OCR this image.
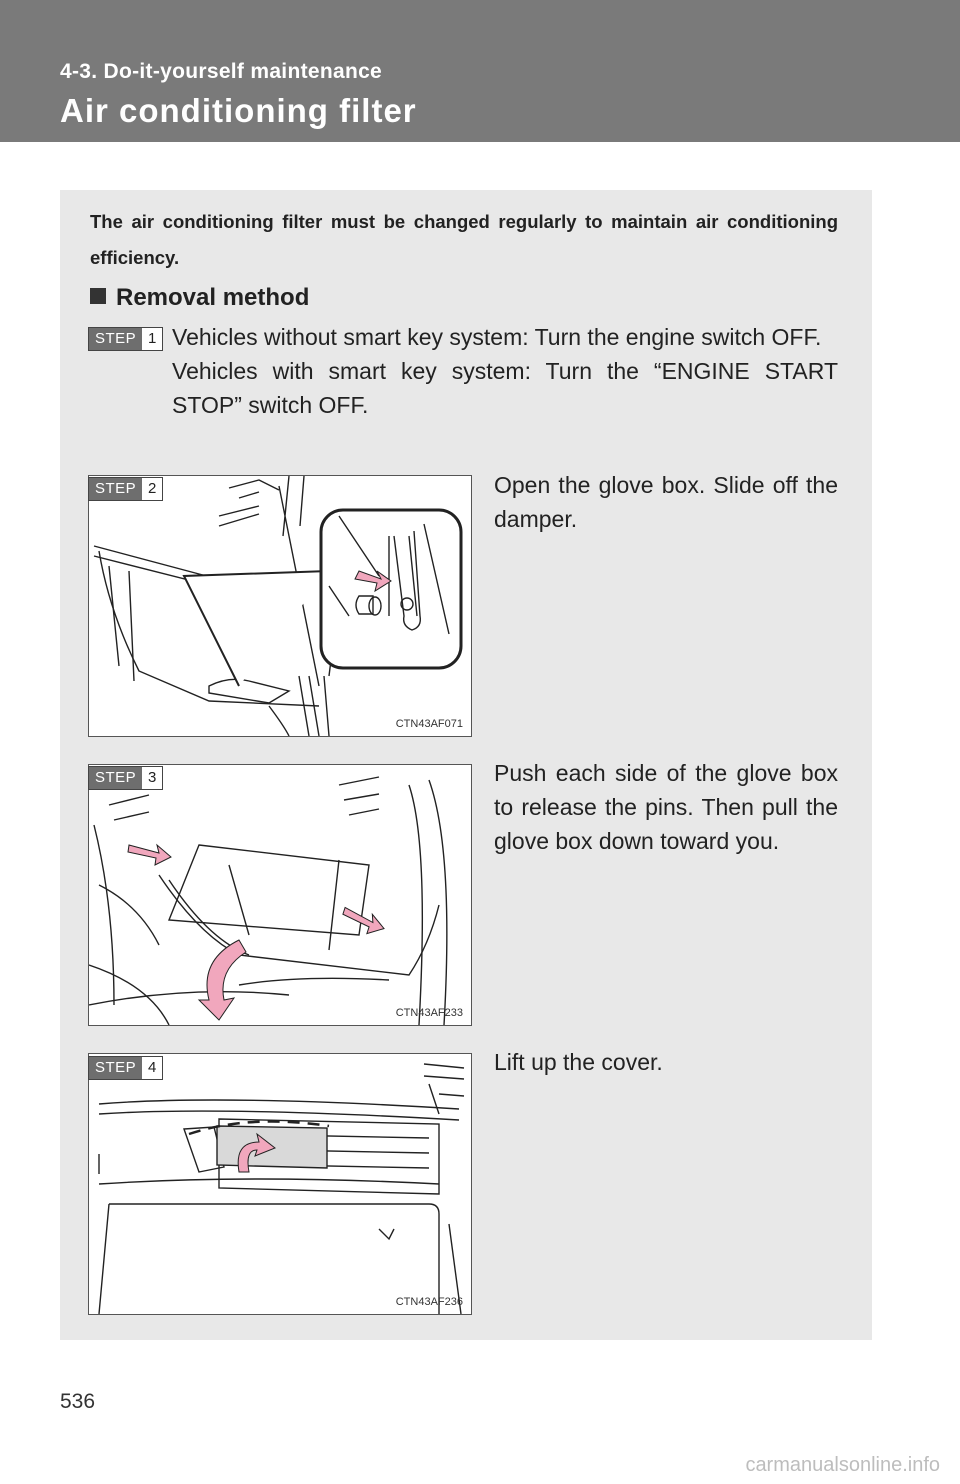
4-3. Do-it-yourself maintenance
Air conditioning filter
The air conditioning filter must be changed regularly to maintain air conditioning efficiency.
Removal method
STEP 1 Vehicles without smart key system: Turn the engine switch OFF.

Vehicles with smart key system: Turn the “ENGINE START STOP” switch OFF.

CTN43AF071
STEP 2	Open the glove box. Slide off the damper.
CTN43AF233
STEP 3	Push each side of the glove box to release the pins. Then pull the glove box down toward you.
CTN43AF236
STEP 4	Lift up the cover.
536
carmanualsonline.info
